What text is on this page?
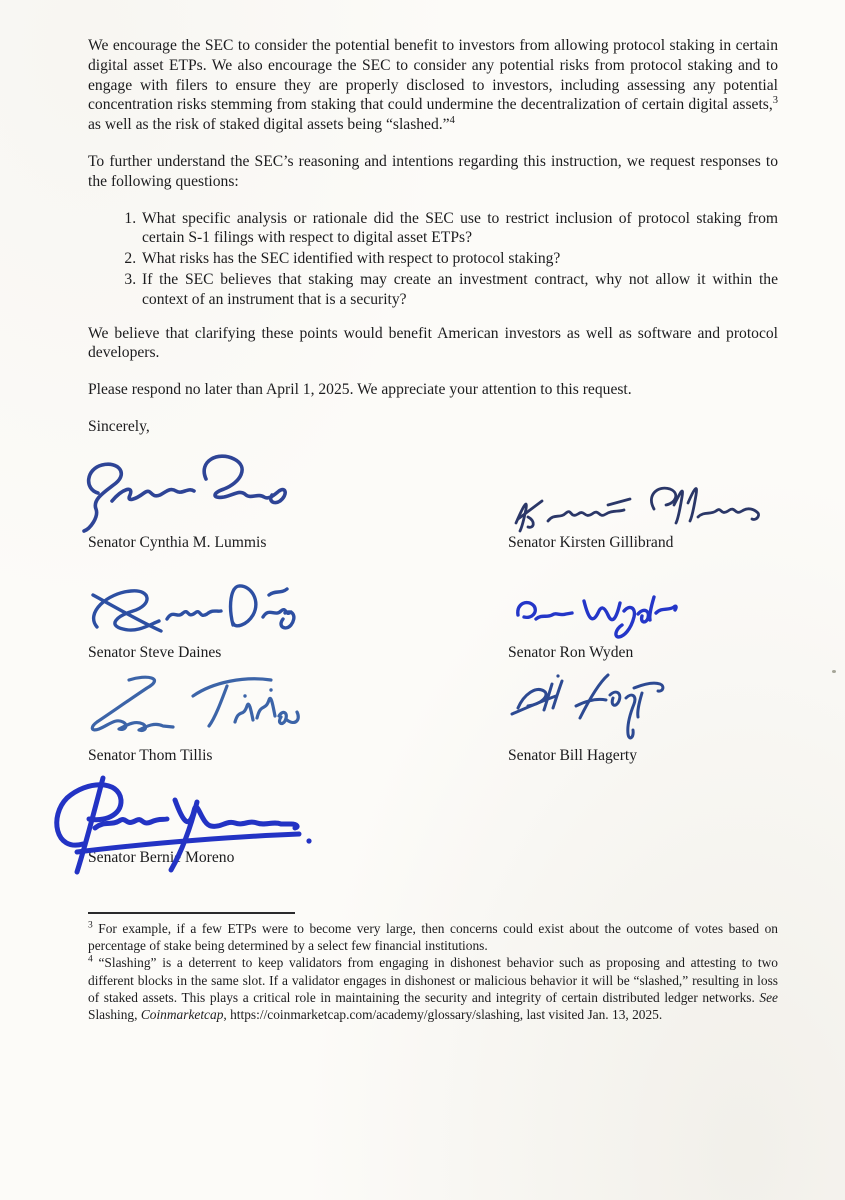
We encourage the SEC to consider the potential benefit to investors from allowing protocol staking in certain digital asset ETPs. We also encourage the SEC to consider any potential risks from protocol staking and to engage with filers to ensure they are properly disclosed to investors, including assessing any potential concentration risks stemming from staking that could undermine the decentralization of certain digital assets,$^3$ as well as the risk of staked digital assets being “slashed.”$^4$

To further understand the SEC’s reasoning and intentions regarding this instruction, we request responses to the following questions:

1. What specific analysis or rationale did the SEC use to restrict inclusion of protocol staking from certain S-1 filings with respect to digital asset ETPs?
2. What risks has the SEC identified with respect to protocol staking?
3. If the SEC believes that staking may create an investment contract, why not allow it within the context of an instrument that is a security?

We believe that clarifying these points would benefit American investors as well as software and protocol developers.

Please respond no later than April 1, 2025. We appreciate your attention to this request.

Sincerely,

Senator Cynthia M. Lummis	Senator Kirsten Gillibrand
Senator Steve Daines	Senator Ron Wyden
Senator Thom Tillis	Senator Bill Hagerty
Senator Bernie Moreno

$^3$ For example, if a few ETPs were to become very large, then concerns could exist about the outcome of votes based on percentage of stake being determined by a select few financial institutions.

$^4$ “Slashing” is a deterrent to keep validators from engaging in dishonest behavior such as proposing and attesting to two different blocks in the same slot. If a validator engages in dishonest or malicious behavior it will be “slashed,” resulting in loss of staked assets. This plays a critical role in maintaining the security and integrity of certain distributed ledger networks. See Slashing, Coinmarketcap, https://coinmarketcap.com/academy/glossary/slashing, last visited Jan. 13, 2025.
